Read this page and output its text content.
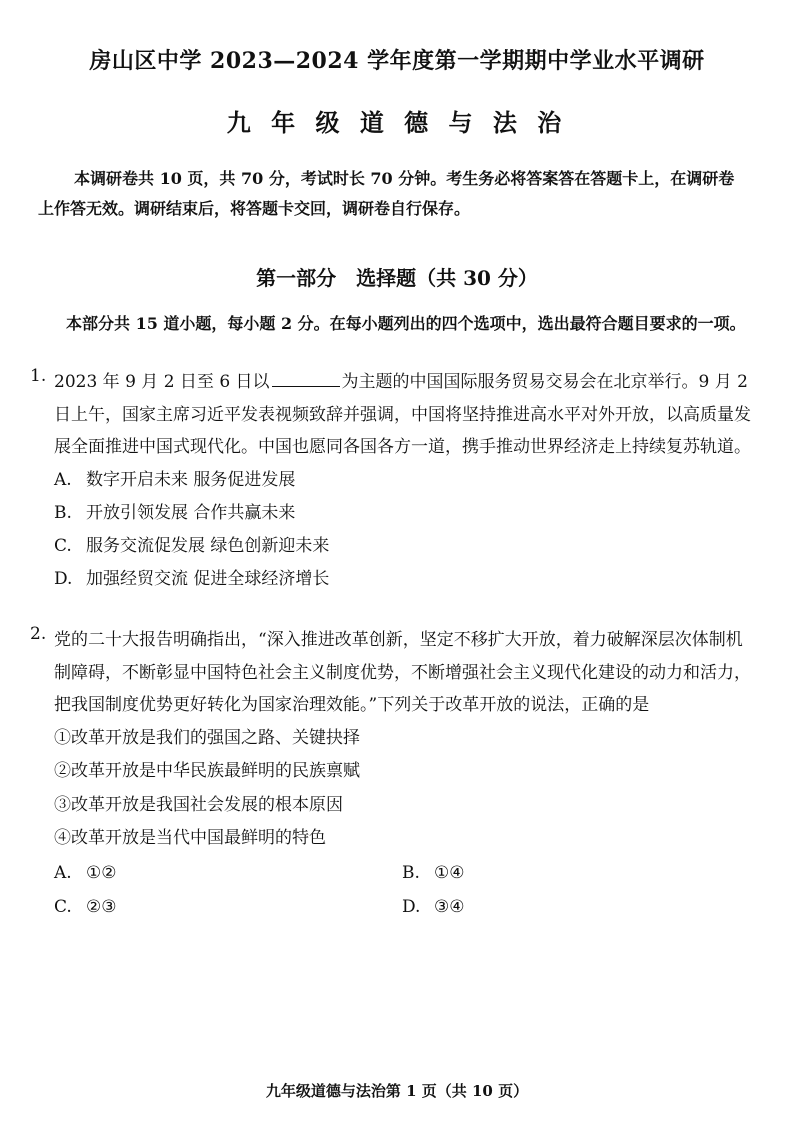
房山区中学 2023—2024 学年度第一学期期中学业水平调研
九 年 级 道 德 与 法 治
本调研卷共 10 页，共 70 分，考试时长 70 分钟。考生务必将答案答在答题卡上，在调研卷上作答无效。调研结束后，将答题卡交回，调研卷自行保存。
第一部分　选择题（共 30 分）
本部分共 15 道小题，每小题 2 分。在每小题列出的四个选项中，选出最符合题目要求的一项。
1. 2023 年 9 月 2 日至 6 日以	为主题的中国国际服务贸易交易会在北京举行。9 月 2 日上午，国家主席习近平发表视频致辞并强调，中国将坚持推进高水平对外开放，以高质量发展全面推进中国式现代化。中国也愿同各国各方一道，携手推动世界经济走上持续复苏轨道。
A. 数字开启未来 服务促进发展
B. 开放引领发展 合作共赢未来
C. 服务交流促发展 绿色创新迎未来
D. 加强经贸交流 促进全球经济增长
2. 党的二十大报告明确指出，“深入推进改革创新，坚定不移扩大开放，着力破解深层次体制机制障碍，不断彰显中国特色社会主义制度优势，不断增强社会主义现代化建设的动力和活力，把我国制度优势更好转化为国家治理效能。”下列关于改革开放的说法，正确的是
①改革开放是我们的强国之路、关键抉择
②改革开放是中华民族最鲜明的民族禀赋
③改革开放是我国社会发展的根本原因
④改革开放是当代中国最鲜明的特色
A. ①②	B. ①④
C. ②③	D. ③④
九年级道德与法治第 1 页（共 10 页）
